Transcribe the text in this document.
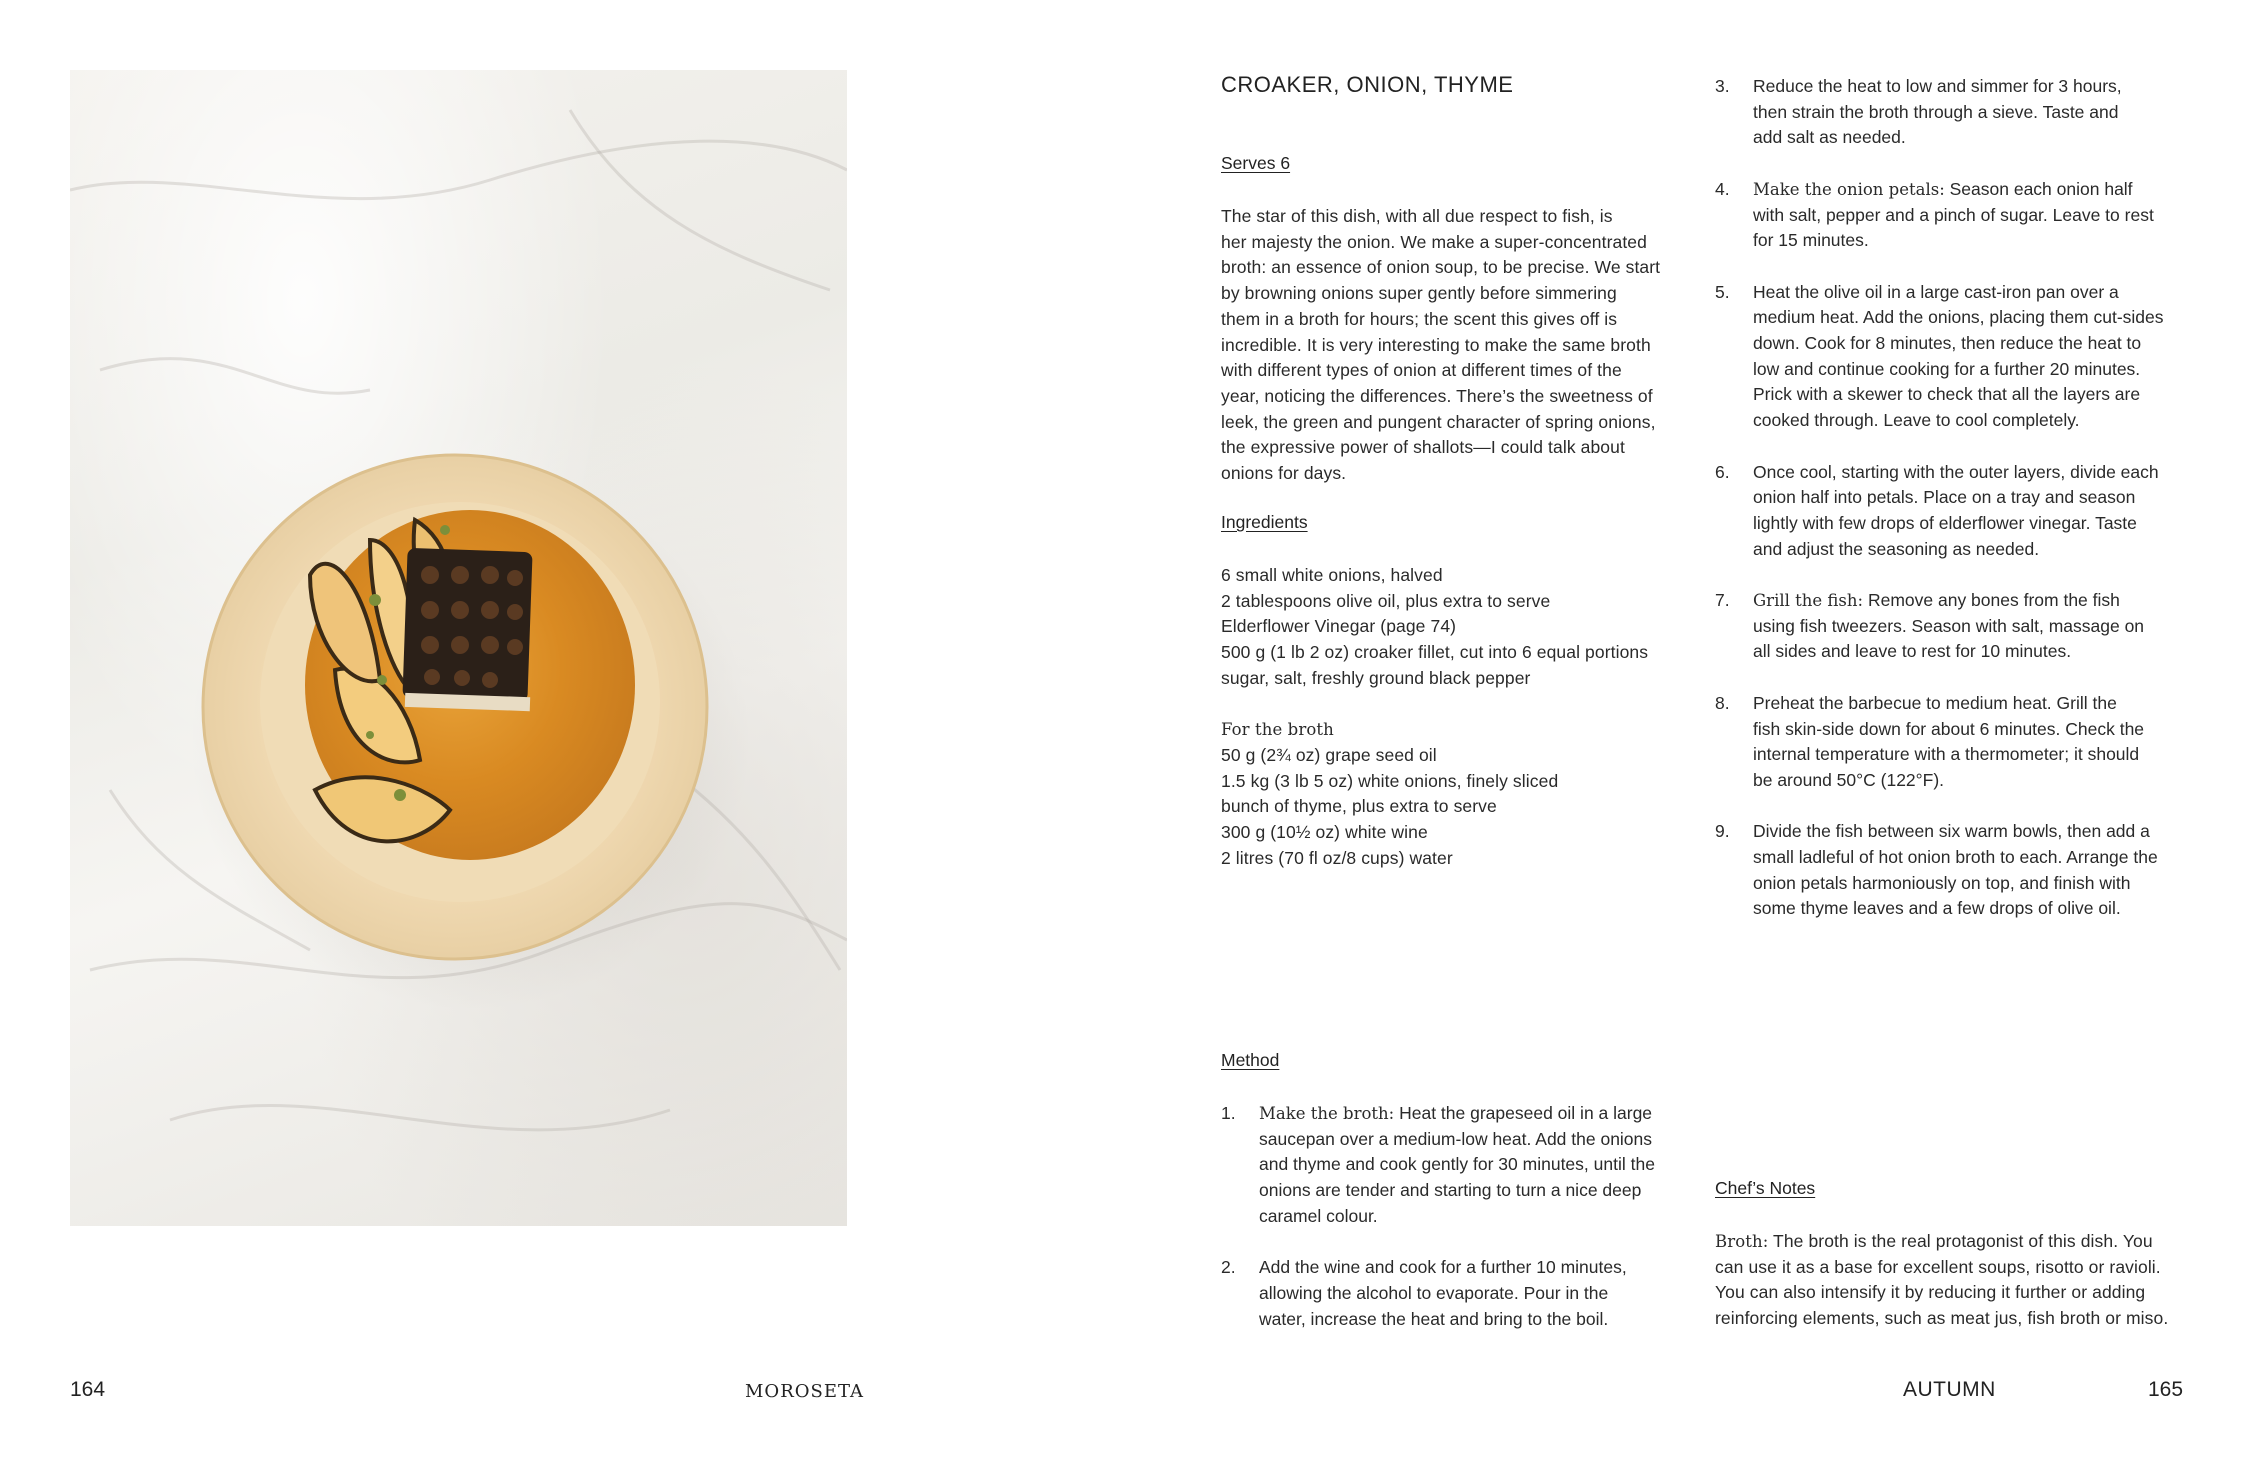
CROAKER, ONION, THYME
Serves 6
The star of this dish, with all due respect to fish, is
her majesty the onion. We make a super-concentrated
broth: an essence of onion soup, to be precise. We start
by browning onions super gently before simmering
them in a broth for hours; the scent this gives off is
incredible. It is very interesting to make the same broth
with different types of onion at different times of the
year, noticing the differences. There’s the sweetness of
leek, the green and pungent character of spring onions,
the expressive power of shallots—I could talk about
onions for days.
Ingredients
6 small white onions, halved
2 tablespoons olive oil, plus extra to serve
Elderflower Vinegar (page 74)
500 g (1 lb 2 oz) croaker fillet, cut into 6 equal portions
sugar, salt, freshly ground black pepper
For the broth
50 g (2¾ oz) grape seed oil
1.5 kg (3 lb 5 oz) white onions, finely sliced
bunch of thyme, plus extra to serve
300 g (10½ oz) white wine
2 litres (70 fl oz/8 cups) water
Method
1. Make the broth: Heat the grapeseed oil in a large
saucepan over a medium-low heat. Add the onions
and thyme and cook gently for 30 minutes, until the
onions are tender and starting to turn a nice deep
caramel colour.
2. Add the wine and cook for a further 10 minutes,
allowing the alcohol to evaporate. Pour in the
water, increase the heat and bring to the boil.
3. Reduce the heat to low and simmer for 3 hours,
then strain the broth through a sieve. Taste and
add salt as needed.
4. Make the onion petals: Season each onion half
with salt, pepper and a pinch of sugar. Leave to rest
for 15 minutes.
5. Heat the olive oil in a large cast-iron pan over a
medium heat. Add the onions, placing them cut-sides
down. Cook for 8 minutes, then reduce the heat to
low and continue cooking for a further 20 minutes.
Prick with a skewer to check that all the layers are
cooked through. Leave to cool completely.
6. Once cool, starting with the outer layers, divide each
onion half into petals. Place on a tray and season
lightly with few drops of elderflower vinegar. Taste
and adjust the seasoning as needed.
7. Grill the fish: Remove any bones from the fish
using fish tweezers. Season with salt, massage on
all sides and leave to rest for 10 minutes.
8. Preheat the barbecue to medium heat. Grill the
fish skin-side down for about 6 minutes. Check the
internal temperature with a thermometer; it should
be around 50°C (122°F).
9. Divide the fish between six warm bowls, then add a
small ladleful of hot onion broth to each. Arrange the
onion petals harmoniously on top, and finish with
some thyme leaves and a few drops of olive oil.
Chef’s Notes
Broth: The broth is the real protagonist of this dish. You
can use it as a base for excellent soups, risotto or ravioli.
You can also intensify it by reducing it further or adding
reinforcing elements, such as meat jus, fish broth or miso.
164	MOROSETA	AUTUMN	165
